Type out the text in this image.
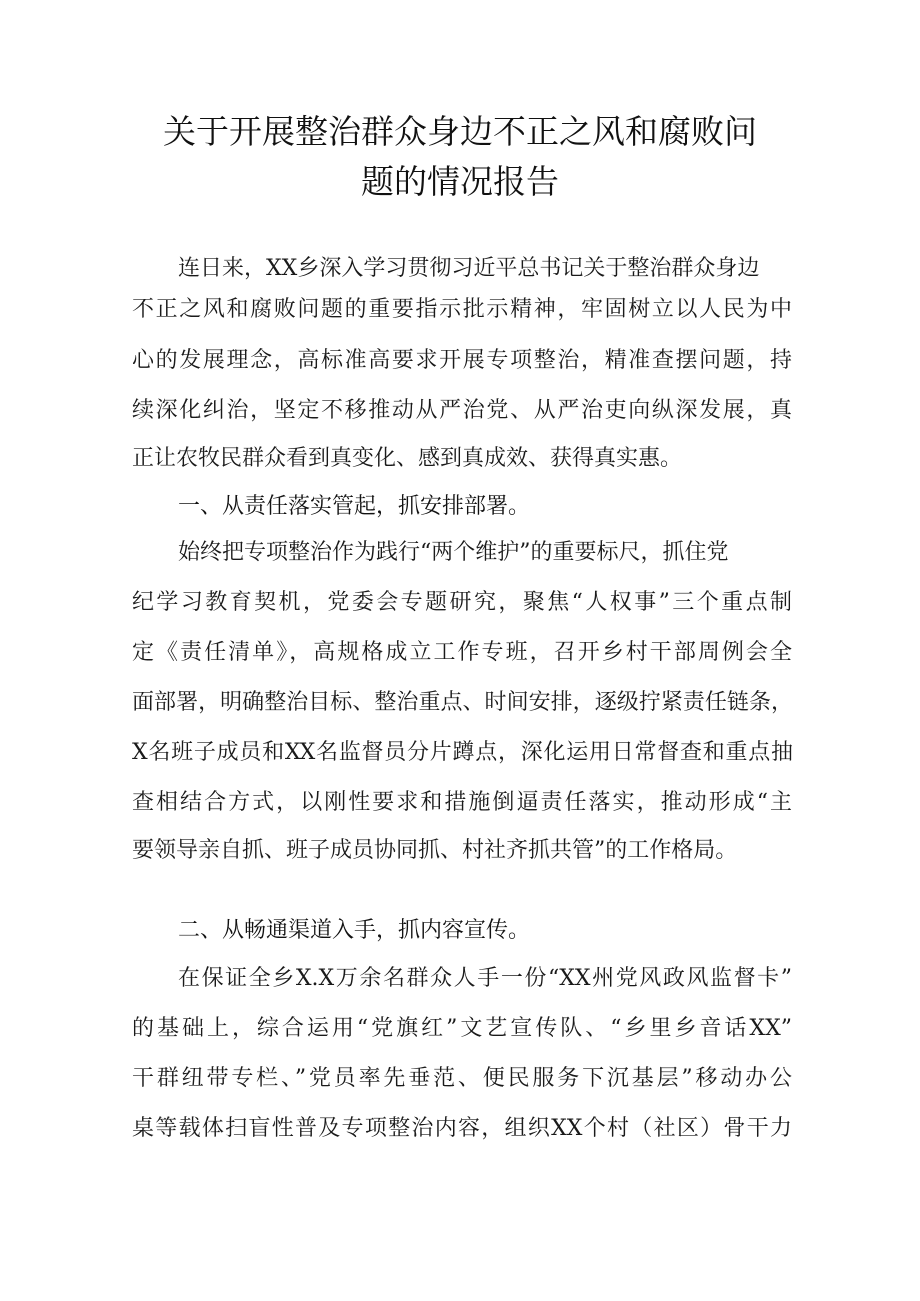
关于开展整治群众身边不正之风和腐败问
题的情况报告
连日来，XX乡深入学习贯彻习近平总书记关于整治群众身边
不正之风和腐败问题的重要指示批示精神，牢固树立以人民为中
心的发展理念，高标准高要求开展专项整治，精准查摆问题，持
续深化纠治，坚定不移推动从严治党、从严治吏向纵深发展，真
正让农牧民群众看到真变化、感到真成效、获得真实惠。
一、从责任落实管起，抓安排部署。
始终把专项整治作为践行“两个维护”的重要标尺，抓住党
纪学习教育契机，党委会专题研究，聚焦“人权事”三个重点制
定《责任清单》，高规格成立工作专班，召开乡村干部周例会全
面部署，明确整治目标、整治重点、时间安排，逐级拧紧责任链条，
X名班子成员和XX名监督员分片蹲点，深化运用日常督查和重点抽
查相结合方式，以刚性要求和措施倒逼责任落实，推动形成“主
要领导亲自抓、班子成员协同抓、村社齐抓共管”的工作格局。
二、从畅通渠道入手，抓内容宣传。
在保证全乡X.X万余名群众人手一份“XX州党风政风监督卡”
的基础上，综合运用“党旗红”文艺宣传队、“乡里乡音话XX”
干群纽带专栏、”党员率先垂范、便民服务下沉基层”移动办公
桌等载体扫盲性普及专项整治内容，组织XX个村（社区）骨干力
